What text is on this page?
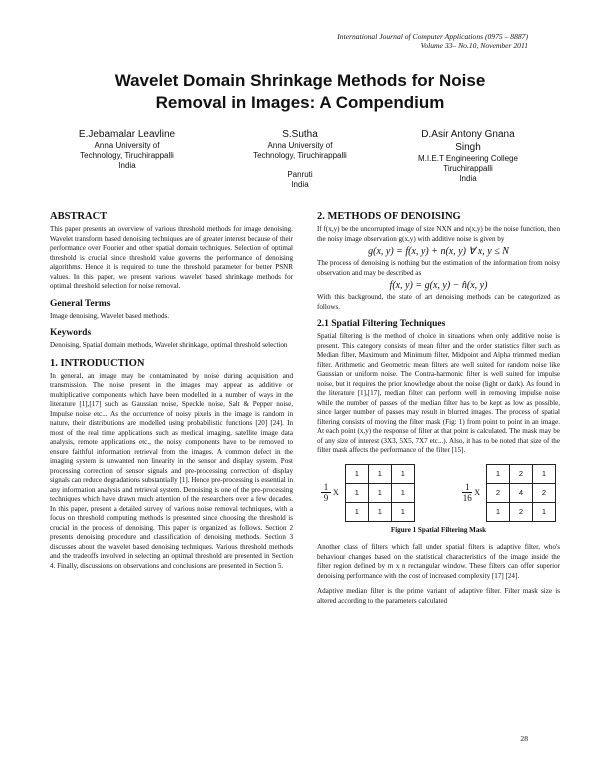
International Journal of Computer Applications (0975 – 8887)
Volume 33– No.10, November 2011
Wavelet Domain Shrinkage Methods for Noise
Removal in Images: A Compendium
E.Jebamalar Leavline
Anna University of
Technology, Tiruchirappalli
India
S.Sutha
Anna University of
Technology, Tiruchirappalli
Panruti
India
D.Asir Antony Gnana
Singh
M.I.E.T Engineering College
Tiruchirappalli
India
ABSTRACT

This paper presents an overview of various threshold methods for image denoising. Wavelet transform based denoising techniques are of greater interest because of their performance over Fourier and other spatial domain techniques. Selection of optimal threshold is crucial since threshold value governs the performance of denoising algorithms. Hence it is required to tune the threshold parameter for better PSNR values. In this paper, we present various wavelet based shrinkage methods for optimal threshold selection for noise removal.

General Terms

Image denoising, Wavelet based methods.

Keywords

Denoising, Spatial domain methods, Wavelet shrinkage, optimal threshold selection

1. INTRODUCTION

In general, an image may be contaminated by noise during acquisition and transmission. The noise present in the images may appear as additive or multiplicative components which have been modelled in a number of ways in the literature [1],[17] such as Gaussian noise, Speckle noise, Salt & Pepper noise, Impulse noise etc... As the occurrence of noisy pixels in the image is random in nature, their distributions are modelled using probabilistic functions [20] [24]. In most of the real time applications such as medical imaging, satellite image data analysis, remote applications etc., the noisy components have to be removed to ensure faithful information retrieval from the images. A common defect in the imaging system is unwanted non linearity in the sensor and display system. Post processing correction of sensor signals and pre-processing correction of display signals can reduce degradations substantially [1]. Hence pre-processing is essential in any information analysis and retrieval system. Denoising is one of the pre-processing techniques which have drawn much attention of the researchers over a few decades. In this paper, present a detailed survey of various noise removal techniques, with a focus on threshold computing methods is presented since choosing the threshold is crucial in the process of denoising. This paper is organized as follows. Section 2 presents denoising procedure and classification of denoising methods. Section 3 discusses about the wavelet based denoising techniques. Various threshold methods and the tradeoffs involved in selecting an optimal threshold are presented in Section 4. Finally, discussions on observations and conclusions are presented in Section 5.

2. METHODS OF DENOISING

If f(x,y) be the uncorrupted image of size NXN and n(x,y) be the noise function, then the noisy image observation g(x,y) with additive noise is given by

g(x, y) = f(x, y) + n(x, y) ∀ x, y ≤ N

The process of denoising is nothing but the estimation of the information from noisy observation and may be described as

f(x, y) = g(x, y) − n̂(x, y)

With this background, the state of art denoising methods can be categorized as follows.

2.1 Spatial Filtering Techniques

Spatial filtering is the method of choice in situations when only additive noise is present. This category consists of mean filter and the order statistics filter such as Median filter, Maximum and Minimum filter, Midpoint and Alpha trimmed median filter. Arithmetic and Geometric mean filters are well suited for random noise like Gaussian or uniform noise. The Contra-harmonic filter is well suited for impulse noise, but it requires the prior knowledge about the noise (light or dark). As found in the literature [1],[17], median filter can perform well in removing impulse noise while the number of passes of the median filter has to be kept as low as possible, since larger number of passes may result in blurred images. The process of spatial filtering consists of moving the filter mask (Fig: 1) from point to point in an image. At each point (x,y) the response of filter at that point is calculated. The mask may be of any size of interest (3X3, 5X5, 7X7 etc...). Also, it has to be noted that size of the filter mask affects the performance of the filter [15].

$\frac{1}{9}$ X
1	1	1
1	1	1
1	1	1
$\frac{1}{16}$ X
1	2	1
2	4	2
1	2	1
Figure 1 Spatial Filtering Mask

Another class of filters which fall under spatial filters is adaptive filter, who's behaviour changes based on the statistical characteristics of the image inside the filter region defined by m x n rectangular window. These filters can offer superior denoising performance with the cost of increased complexity [17] [24].

Adaptive median filter is the prime variant of adaptive filter. Filter mask size is altered according to the parameters calculated

28
